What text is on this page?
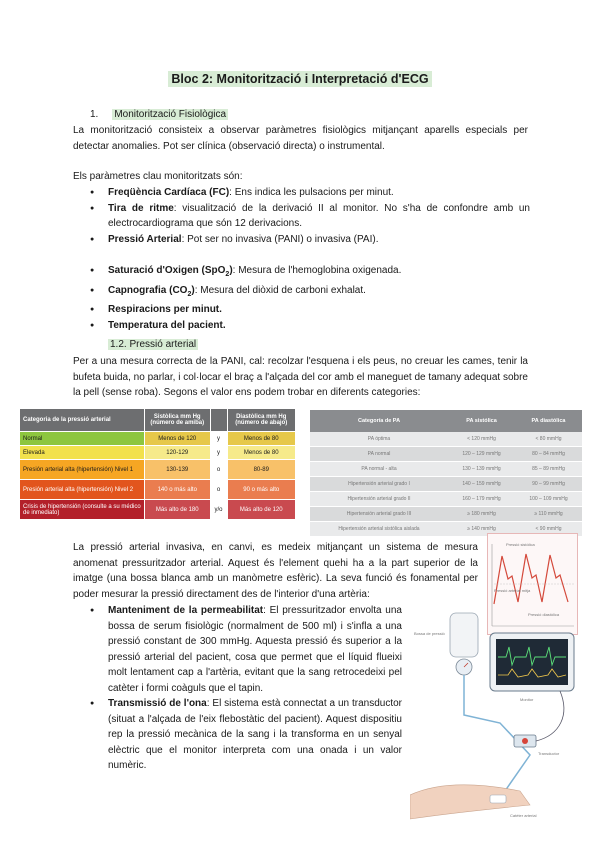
Bloc 2: Monitorització i Interpretació d'ECG
1. Monitorització Fisiològica
La monitorització consisteix a observar paràmetres fisiològics mitjançant aparells especials per detectar anomalies. Pot ser clínica (observació directa) o instrumental.
Els paràmetres clau monitoritzats són:
● Freqüència Cardíaca (FC): Ens indica les pulsacions per minut.
● Tira de ritme: visualització de la derivació II al monitor. No s'ha de confondre amb un electrocardiograma que són 12 derivacions.
● Pressió Arterial: Pot ser no invasiva (PANI) o invasiva (PAI).
● Saturació d'Oxigen (SpO$_2$): Mesura de l'hemoglobina oxigenada.
● Capnografia $(CO_2)$: Mesura del diòxid de carboni exhalat.
● Respiracions per minut.
● Temperatura del pacient.
1.2. Pressió arterial
Per a una mesura correcta de la PANI, cal: recolzar l'esquena i els peus, no creuar les cames, tenir la bufeta buida, no parlar, i col·locar el braç a l'alçada del cor amb el maneguet de tamany adequat sobre la pell (sense roba). Segons el valor ens podem trobar en diferents categories:
Categoria de la pressió arterial	Sistòlica mm Hg (número de amiba)		Diastòlica mm Hg (número de abajo)
Normal	Menos de 120	y	Menos de 80
Elevada	120-129	y	Menos de 80
Presión arterial alta (hipertensión) Nivel 1	130-139	o	80-89
Presión arterial alta (hipertensión) Nivel 2	140 o más alto	o	90 o más alto
Crisis de hipertensión (consulte a su médico de inmediato)	Más alto de 180	y/o	Más alto de 120
Categoría de PA	PA sistólica	PA diastólica
PA óptima	< 120 mmHg	< 80 mmHg
PA normal	120 – 129 mmHg	80 – 84 mmHg
PA normal - alta	130 – 139 mmHg	85 – 89 mmHg
Hipertensión arterial grado I	140 – 159 mmHg	90 – 99 mmHg
Hipertensión arterial grado II	160 – 179 mmHg	100 – 109 mmHg
Hipertensión arterial grado III	≥ 180 mmHg	≥ 110 mmHg
Hipertensión arterial sistólica aislada	≥ 140 mmHg	< 90 mmHg
La pressió arterial invasiva, en canvi, es medeix mitjançant un sistema de mesura anomenat pressuritzador arterial. Aquest és l'element quehi ha a la part superior de la imatge (una bossa blanca amb un manòmetre esfèric). La seva funció és fonamental per poder mesurar la pressió directament des de l'interior d'una artèria:
● Manteniment de la permeabilitat: El pressuritzador envolta una bossa de serum fisiològic (normalment de 500 ml) i s'infla a una pressió constant de 300 mmHg. Aquesta pressió és superior a la pressió arterial del pacient, cosa que permet que el líquid flueixi molt lentament cap a l'artèria, evitant que la sang retrocedeixi pel catèter i formi coàguls que el tapin.
● Transmissió de l'ona: El sistema està connectat a un transductor (situat a l'alçada de l'eix flebostàtic del pacient). Aquest dispositiu rep la pressió mecànica de la sang i la transforma en un senyal elèctric que el monitor interpreta com una onada i un valor numèric.
Pressió sistòlica
Pressió arterial mitja
Pressió diastòlica
Bossa de pressió
Transductor
Monitor
Catèter arterial
